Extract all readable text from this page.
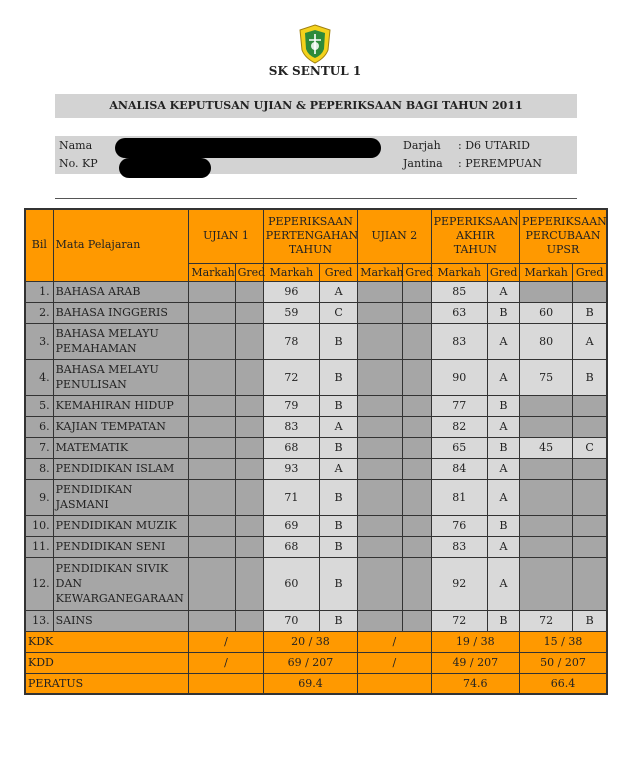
SK SENTUL 1
ANALISA KEPUTUSAN UJIAN & PEPERIKSAAN BAGI TAHUN 2011
Nama
No. KP
Darjah : D6 UTARID
Jantina : PEREMPUAN
Bil	Mata Pelajaran	UJIAN 1		PEPERIKSAAN PERTENGAHAN TAHUN		UJIAN 2		PEPERIKSAAN AKHIR TAHUN		PEPERIKSAAN PERCUBAAN UPSR	
		Markah	Gred	Markah	Gred	Markah	Gred	Markah	Gred	Markah	Gred
1.	BAHASA ARAB			96	A			85	A		
2.	BAHASA INGGERIS			59	C			63	B	60	B
3.	BAHASA MELAYU PEMAHAMAN			78	B			83	A	80	A
4.	BAHASA MELAYU PENULISAN			72	B			90	A	75	B
5.	KEMAHIRAN HIDUP			79	B			77	B		
6.	KAJIAN TEMPATAN			83	A			82	A		
7.	MATEMATIK			68	B			65	B	45	C
8.	PENDIDIKAN ISLAM			93	A			84	A		
9.	PENDIDIKAN JASMANI			71	B			81	A		
10.	PENDIDIKAN MUZIK			69	B			76	B		
11.	PENDIDIKAN SENI			68	B			83	A		
12.	PENDIDIKAN SIVIK DAN KEWARGANEGARAAN			60	B			92	A		
13.	SAINS			70	B			72	B	72	B
KDK		/		20 / 38		/		19 / 38		15 / 38	
KDD		/		69 / 207		/		49 / 207		50 / 207	
PERATUS				69.4				74.6		66.4	
